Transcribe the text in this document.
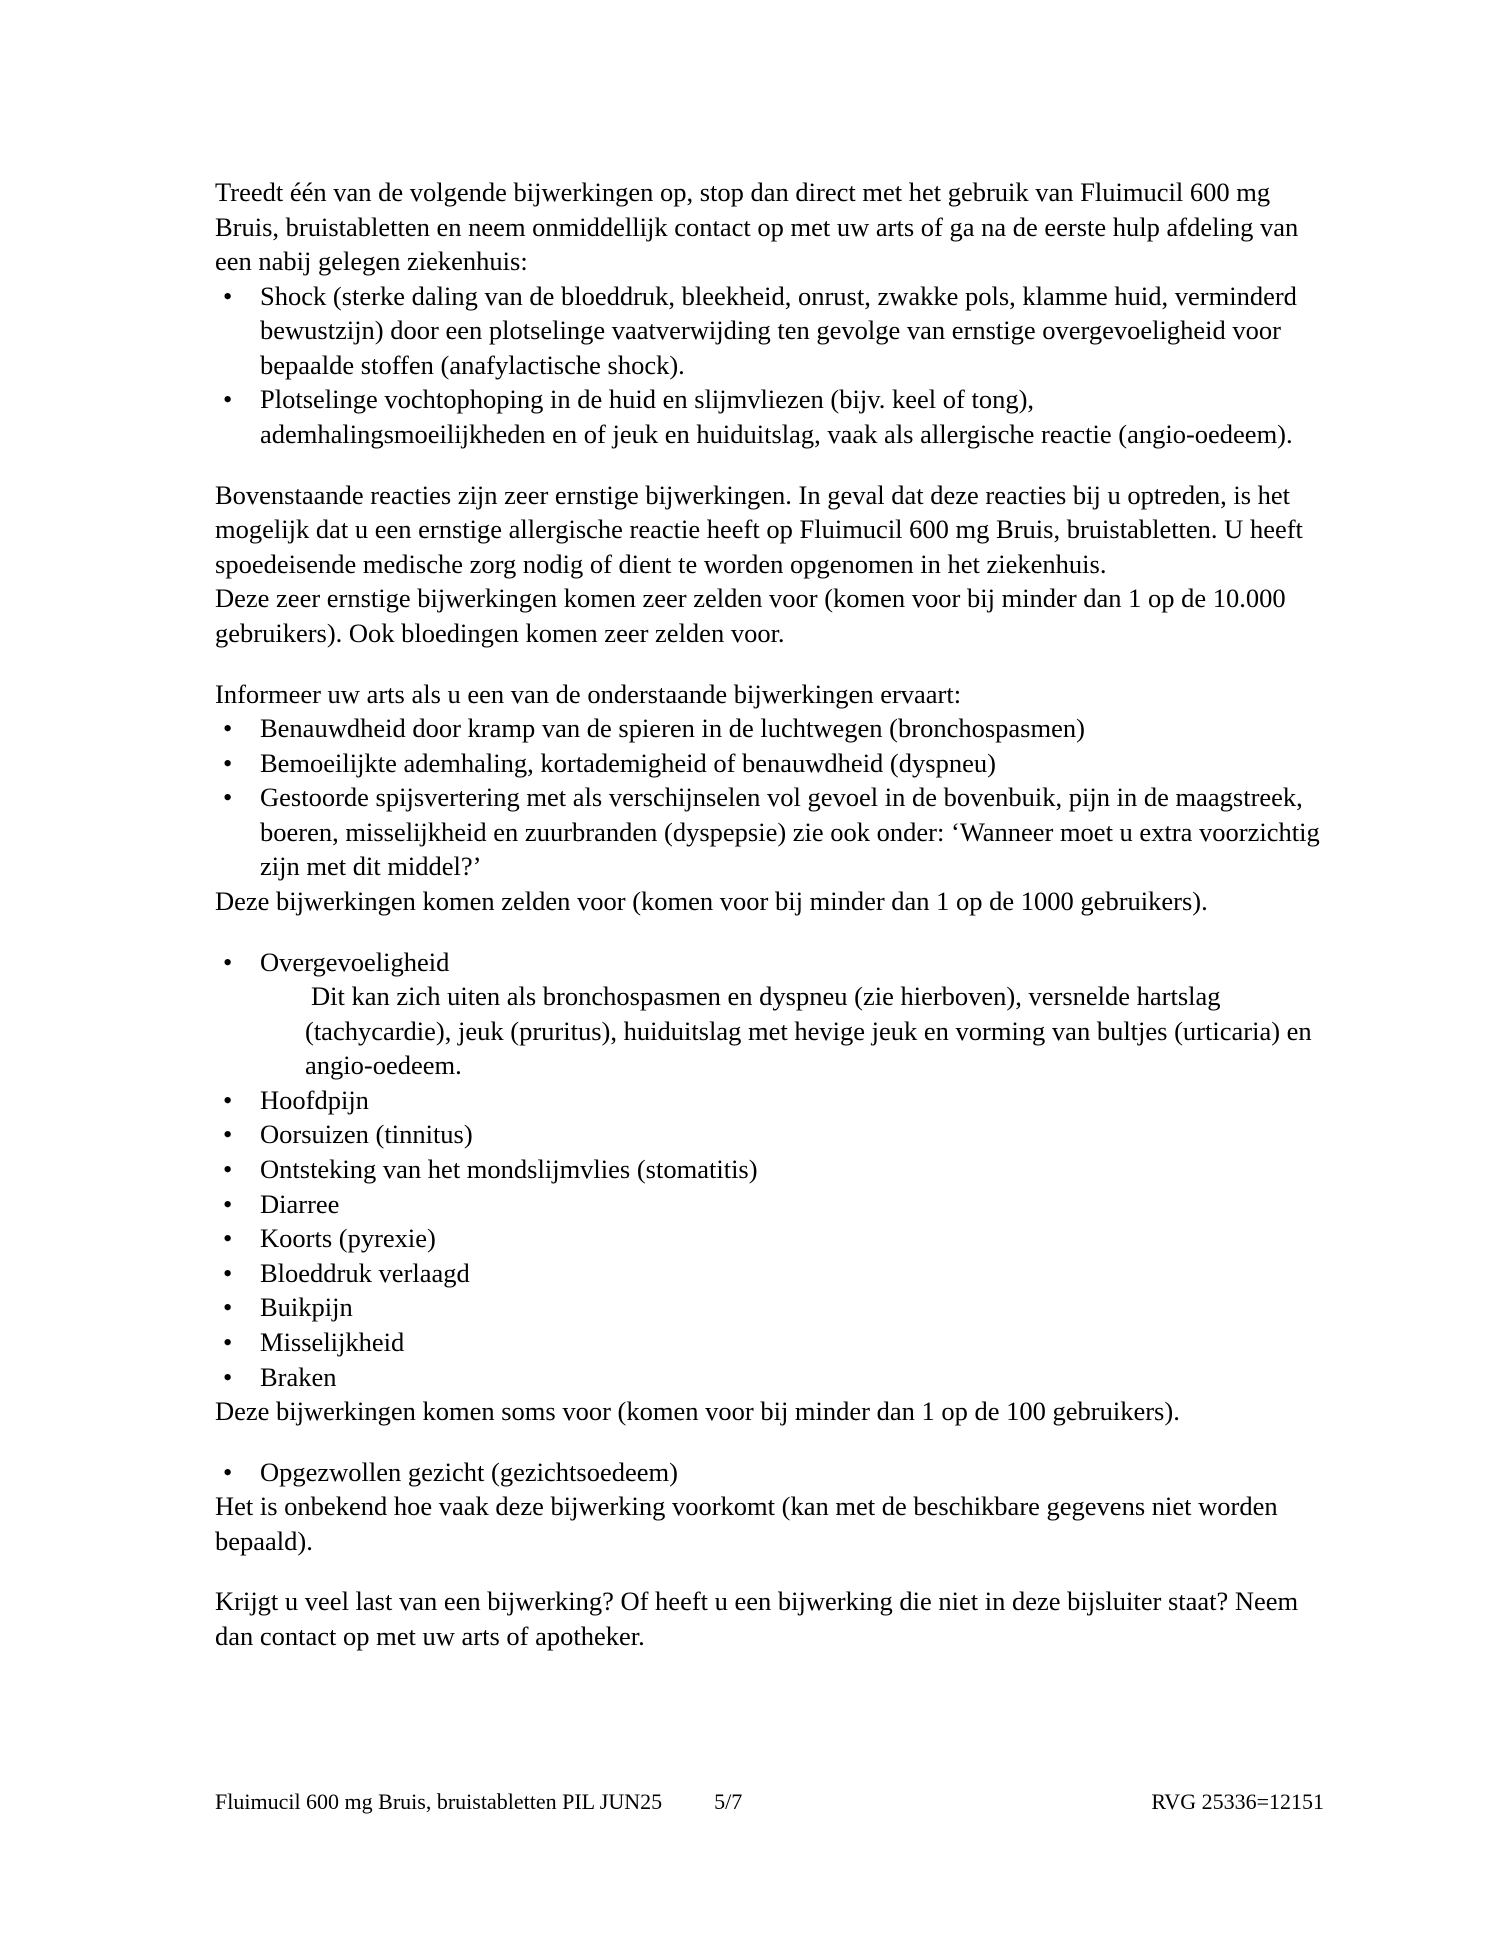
Treedt één van de volgende bijwerkingen op, stop dan direct met het gebruik van Fluimucil 600 mg Bruis, bruistabletten en neem onmiddellijk contact op met uw arts of ga na de eerste hulp afdeling van een nabij gelegen ziekenhuis:

• Shock (sterke daling van de bloeddruk, bleekheid, onrust, zwakke pols, klamme huid, verminderd bewustzijn) door een plotselinge vaatverwijding ten gevolge van ernstige overgevoeligheid voor bepaalde stoffen (anafylactische shock).
• Plotselinge vochtophoping in de huid en slijmvliezen (bijv. keel of tong), ademhalingsmoeilijkheden en of jeuk en huiduitslag, vaak als allergische reactie (angio-oedeem).

Bovenstaande reacties zijn zeer ernstige bijwerkingen. In geval dat deze reacties bij u optreden, is het mogelijk dat u een ernstige allergische reactie heeft op Fluimucil 600 mg Bruis, bruistabletten. U heeft spoedeisende medische zorg nodig of dient te worden opgenomen in het ziekenhuis.

Deze zeer ernstige bijwerkingen komen zeer zelden voor (komen voor bij minder dan 1 op de 10.000 gebruikers). Ook bloedingen komen zeer zelden voor.

Informeer uw arts als u een van de onderstaande bijwerkingen ervaart:

• Benauwdheid door kramp van de spieren in de luchtwegen (bronchospasmen)
• Bemoeilijkte ademhaling, kortademigheid of benauwdheid (dyspneu)
• Gestoorde spijsvertering met als verschijnselen vol gevoel in de bovenbuik, pijn in de maagstreek, boeren, misselijkheid en zuurbranden (dyspepsie) zie ook onder: ‘Wanneer moet u extra voorzichtig zijn met dit middel?’

Deze bijwerkingen komen zelden voor (komen voor bij minder dan 1 op de 1000 gebruikers).

• Overgevoeligheid
Dit kan zich uiten als bronchospasmen en dyspneu (zie hierboven), versnelde hartslag (tachycardie), jeuk (pruritus), huiduitslag met hevige jeuk en vorming van bultjes (urticaria) en angio-oedeem.
• Hoofdpijn
• Oorsuizen (tinnitus)
• Ontsteking van het mondslijmvlies (stomatitis)
• Diarree
• Koorts (pyrexie)
• Bloeddruk verlaagd
• Buikpijn
• Misselijkheid
• Braken

Deze bijwerkingen komen soms voor (komen voor bij minder dan 1 op de 100 gebruikers).

• Opgezwollen gezicht (gezichtsoedeem)

Het is onbekend hoe vaak deze bijwerking voorkomt (kan met de beschikbare gegevens niet worden bepaald).

Krijgt u veel last van een bijwerking? Of heeft u een bijwerking die niet in deze bijsluiter staat? Neem dan contact op met uw arts of apotheker.

Fluimucil 600 mg Bruis, bruistabletten PIL JUN25 5/7	RVG 25336=12151
